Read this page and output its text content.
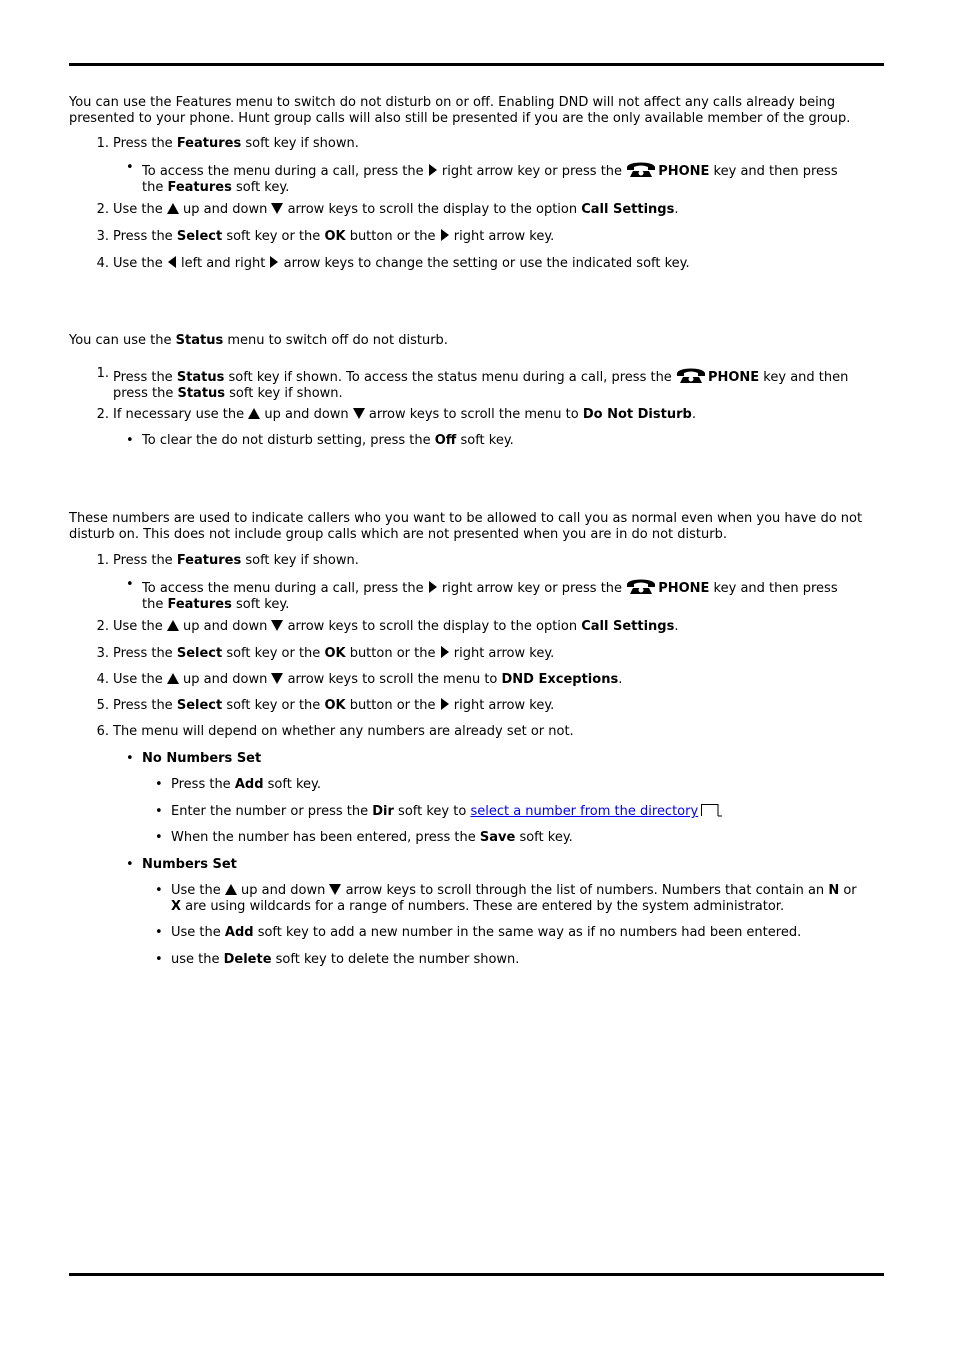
You can use the Features menu to switch do not disturb on or off. Enabling DND will not affect any calls already being presented to your phone. Hunt group calls will also still be presented if you are the only available member of the group.

1. Press the Features soft key if shown.
• To access the menu during a call, press the  right arrow key or press the PHONE key and then press the Features soft key.
2. Use the  up and down  arrow keys to scroll the display to the option Call Settings.
3. Press the Select soft key or the OK button or the  right arrow key.
4. Use the  left and right  arrow keys to change the setting or use the indicated soft key.

You can use the Status menu to switch off do not disturb.

1. Press the Status soft key if shown. To access the status menu during a call, press the PHONE key and then press the Status soft key if shown.
2. If necessary use the  up and down  arrow keys to scroll the menu to Do Not Disturb.
• To clear the do not disturb setting, press the Off soft key.

These numbers are used to indicate callers who you want to be allowed to call you as normal even when you have do not disturb on. This does not include group calls which are not presented when you are in do not disturb.

1. Press the Features soft key if shown.
• To access the menu during a call, press the  right arrow key or press the PHONE key and then press the Features soft key.
2. Use the  up and down  arrow keys to scroll the display to the option Call Settings.
3. Press the Select soft key or the OK button or the  right arrow key.
4. Use the  up and down  arrow keys to scroll the menu to DND Exceptions.
5. Press the Select soft key or the OK button or the  right arrow key.
6. The menu will depend on whether any numbers are already set or not.
• No Numbers Set
• Press the Add soft key.
• Enter the number or press the Dir soft key to select a number from the directory
• When the number has been entered, press the Save soft key.
• Numbers Set
• Use the  up and down  arrow keys to scroll through the list of numbers. Numbers that contain an N or X are using wildcards for a range of numbers. These are entered by the system administrator.
• Use the Add soft key to add a new number in the same way as if no numbers had been entered.
• use the Delete soft key to delete the number shown.
